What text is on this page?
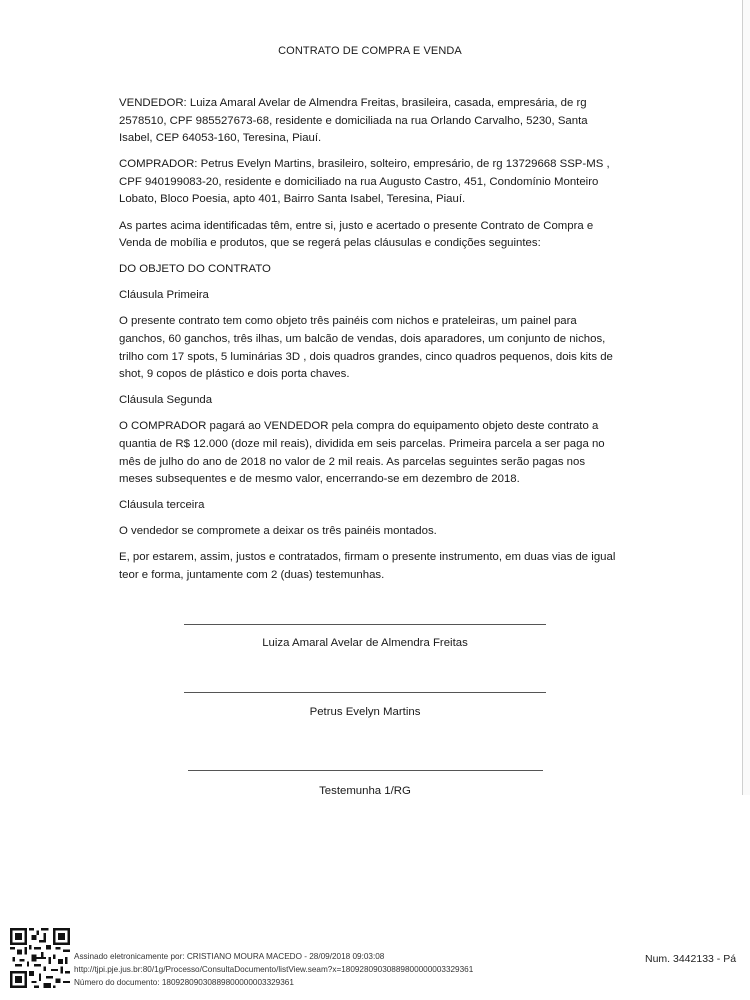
CONTRATO DE COMPRA E VENDA

VENDEDOR: Luiza Amaral Avelar de Almendra Freitas, brasileira, casada, empresária, de rg 2578510, CPF 985527673-68, residente e domiciliada na rua Orlando Carvalho, 5230, Santa Isabel, CEP 64053-160, Teresina, Piauí.

COMPRADOR: Petrus Evelyn Martins, brasileiro, solteiro, empresário, de rg 13729668 SSP-MS , CPF 940199083-20, residente e domiciliado na rua Augusto Castro, 451, Condomínio Monteiro Lobato, Bloco Poesia, apto 401, Bairro Santa Isabel, Teresina, Piauí.

As partes acima identificadas têm, entre si, justo e acertado o presente Contrato de Compra e Venda de mobília e produtos, que se regerá pelas cláusulas e condições seguintes:

DO OBJETO DO CONTRATO

Cláusula Primeira

O presente contrato tem como objeto três painéis com nichos e prateleiras, um painel para ganchos, 60 ganchos, três ilhas, um balcão de vendas, dois aparadores, um conjunto de nichos, trilho com 17 spots, 5 luminárias 3D , dois quadros grandes, cinco quadros pequenos, dois kits de shot, 9 copos de plástico e dois porta chaves.

Cláusula Segunda

O COMPRADOR pagará ao VENDEDOR pela compra do equipamento objeto deste contrato a quantia de R$ 12.000 (doze mil reais), dividida em seis parcelas. Primeira parcela a ser paga no mês de julho do ano de 2018 no valor de 2 mil reais. As parcelas seguintes serão pagas nos meses subsequentes e de mesmo valor, encerrando-se em dezembro de 2018.

Cláusula terceira

O vendedor se compromete a deixar os três painéis montados.

E, por estarem, assim, justos e contratados, firmam o presente instrumento, em duas vias de igual teor e forma, juntamente com 2 (duas) testemunhas.

Luiza Amaral Avelar de Almendra Freitas
Petrus Evelyn Martins
Testemunha 1/RG
Assinado eletronicamente por: CRISTIANO MOURA MACEDO - 28/09/2018 09:03:08
http://tjpi.pje.jus.br:80/1g/Processo/ConsultaDocumento/listView.seam?x=18092809030889800000003329361
Número do documento: 18092809030889800000003329361
Num. 3442133 - Pá
